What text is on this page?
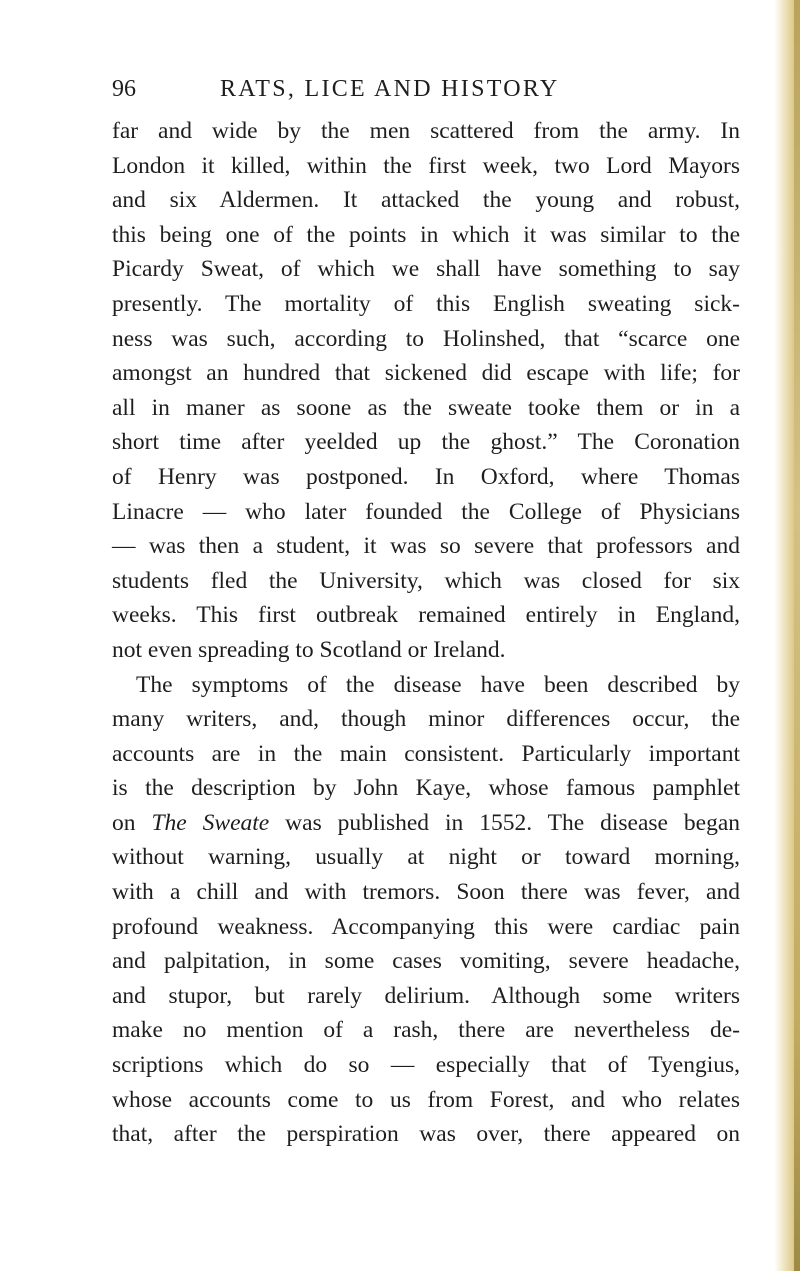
96	RATS, LICE AND HISTORY
far and wide by the men scattered from the army. In
London it killed, within the first week, two Lord Mayors
and six Aldermen. It attacked the young and robust,
this being one of the points in which it was similar to the
Picardy Sweat, of which we shall have something to say
presently. The mortality of this English sweating sick-
ness was such, according to Holinshed, that “scarce one
amongst an hundred that sickened did escape with life; for
all in maner as soone as the sweate tooke them or in a
short time after yeelded up the ghost.” The Coronation
of Henry was postponed. In Oxford, where Thomas
Linacre — who later founded the College of Physicians
— was then a student, it was so severe that professors and
students fled the University, which was closed for six
weeks. This first outbreak remained entirely in England,
not even spreading to Scotland or Ireland.
The symptoms of the disease have been described by
many writers, and, though minor differences occur, the
accounts are in the main consistent. Particularly important
is the description by John Kaye, whose famous pamphlet
on The Sweate was published in 1552. The disease began
without warning, usually at night or toward morning,
with a chill and with tremors. Soon there was fever, and
profound weakness. Accompanying this were cardiac pain
and palpitation, in some cases vomiting, severe headache,
and stupor, but rarely delirium. Although some writers
make no mention of a rash, there are nevertheless de-
scriptions which do so — especially that of Tyengius,
whose accounts come to us from Forest, and who relates
that, after the perspiration was over, there appeared on
